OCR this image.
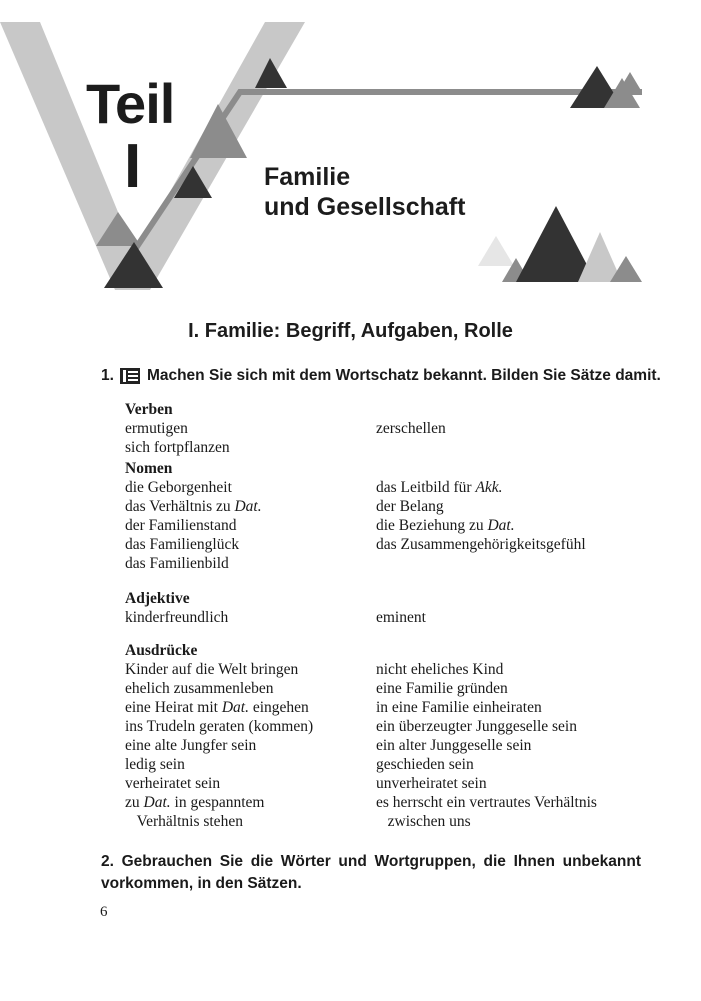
Teil
I	Familie
und Gesellschaft
I. Familie: Begriff, Aufgaben, Rolle
1. Machen Sie sich mit dem Wortschatz bekannt. Bilden Sie Sätze damit.
Verben
ermutigen	zerschellen
sich fortpflanzen
Nomen
die Geborgenheit	das Leitbild für Akk.
das Verhältnis zu Dat.	der Belang
der Familienstand	die Beziehung zu Dat.
das Familienglück	das Zusammengehörigkeitsgefühl
das Familienbild
Adjektive
kinderfreundlich	eminent
Ausdrücke
Kinder auf die Welt bringen	nicht eheliches Kind
ehelich zusammenleben	eine Familie gründen
eine Heirat mit Dat. eingehen	in eine Familie einheiraten
ins Trudeln geraten (kommen)	ein überzeugter Junggeselle sein
eine alte Jungfer sein	ein alter Junggeselle sein
ledig sein	geschieden sein
verheiratet sein	unverheiratet sein
zu Dat. in gespanntem	es herrscht ein vertrautes Verhältnis
Verhältnis stehen	zwischen uns
2. Gebrauchen Sie die Wörter und Wortgruppen, die Ihnen unbekannt vorkommen, in den Sätzen.
6
